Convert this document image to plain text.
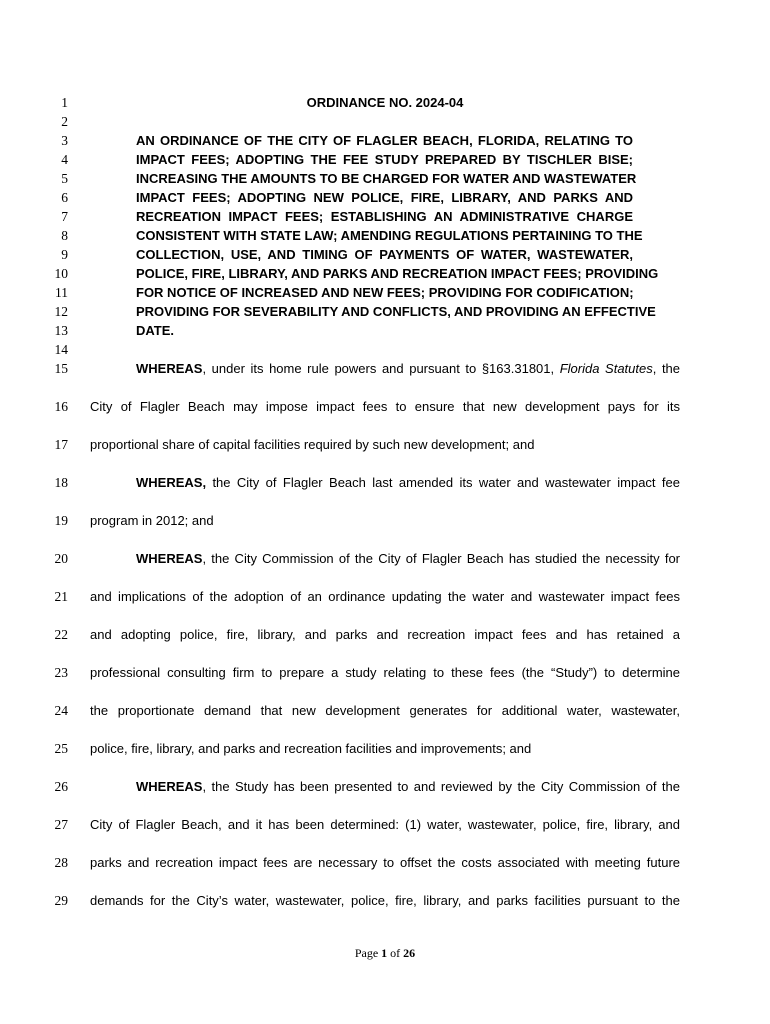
1
2
3
4
5
6
7
8
9
10
11
12
13
14
15
16
17
18
19
20
21
22
23
24
25
26
27
28
29
ORDINANCE NO. 2024-04
AN ORDINANCE OF THE CITY OF FLAGLER BEACH, FLORIDA, RELATING TO
IMPACT FEES; ADOPTING THE FEE STUDY PREPARED BY TISCHLER BISE;
INCREASING THE AMOUNTS TO BE CHARGED FOR WATER AND WASTEWATER
IMPACT FEES; ADOPTING NEW POLICE, FIRE, LIBRARY, AND PARKS AND
RECREATION IMPACT FEES; ESTABLISHING AN ADMINISTRATIVE CHARGE
CONSISTENT WITH STATE LAW; AMENDING REGULATIONS PERTAINING TO THE
COLLECTION, USE, AND TIMING OF PAYMENTS OF WATER, WASTEWATER,
POLICE, FIRE, LIBRARY, AND PARKS AND RECREATION IMPACT FEES; PROVIDING
FOR NOTICE OF INCREASED AND NEW FEES; PROVIDING FOR CODIFICATION;
PROVIDING FOR SEVERABILITY AND CONFLICTS, AND PROVIDING AN EFFECTIVE
DATE.
WHEREAS, under its home rule powers and pursuant to §163.31801, Florida Statutes, the
City of Flagler Beach may impose impact fees to ensure that new development pays for its
proportional share of capital facilities required by such new development; and
WHEREAS, the City of Flagler Beach last amended its water and wastewater impact fee
program in 2012; and
WHEREAS, the City Commission of the City of Flagler Beach has studied the necessity for
and implications of the adoption of an ordinance updating the water and wastewater impact fees
and adopting police, fire, library, and parks and recreation impact fees and has retained a
professional consulting firm to prepare a study relating to these fees (the “Study”) to determine
the proportionate demand that new development generates for additional water, wastewater,
police, fire, library, and parks and recreation facilities and improvements; and
WHEREAS, the Study has been presented to and reviewed by the City Commission of the
City of Flagler Beach, and it has been determined: (1) water, wastewater, police, fire, library, and
parks and recreation impact fees are necessary to offset the costs associated with meeting future
demands for the City’s water, wastewater, police, fire, library, and parks facilities pursuant to the
Page 1 of 26
